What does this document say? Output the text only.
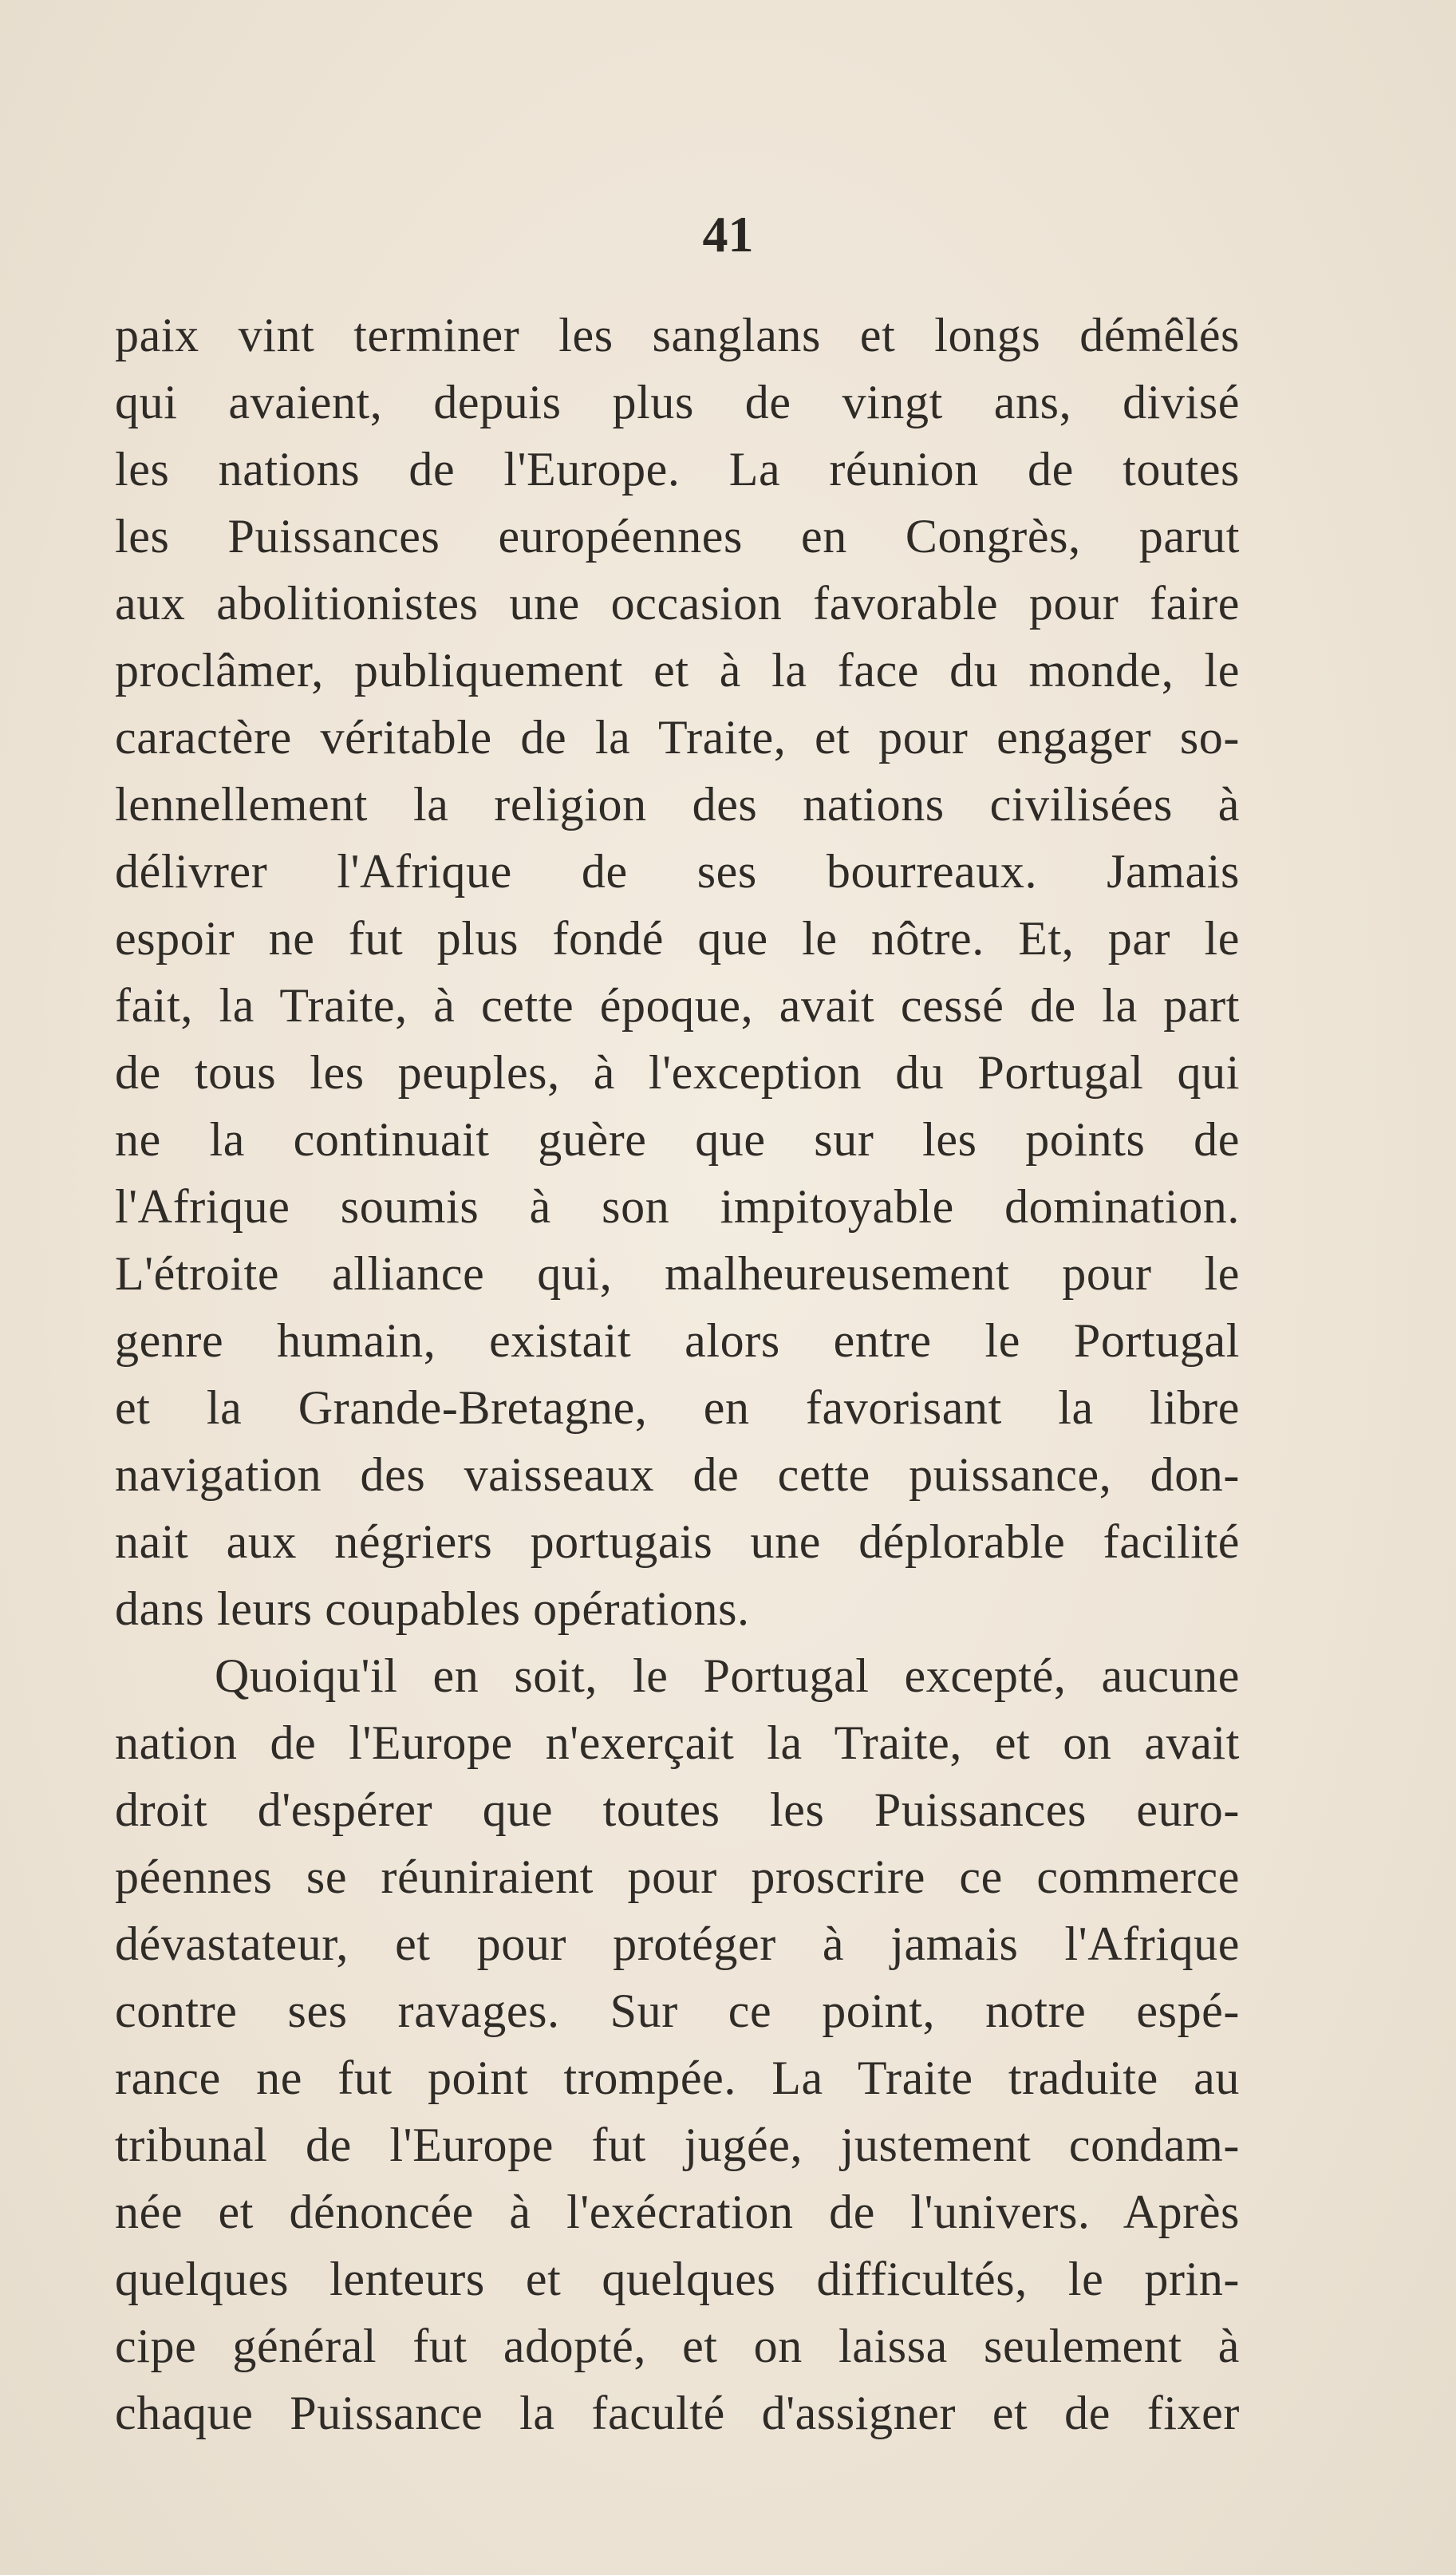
41
paix vint terminer les sanglans et longs démêlés
qui avaient, depuis plus de vingt ans, divisé
les nations de l'Europe. La réunion de toutes
les Puissances européennes en Congrès, parut
aux abolitionistes une occasion favorable pour faire
proclâmer, publiquement et à la face du monde, le
caractère véritable de la Traite, et pour engager so-
lennellement la religion des nations civilisées à
délivrer l'Afrique de ses bourreaux. Jamais
espoir ne fut plus fondé que le nôtre. Et, par le
fait, la Traite, à cette époque, avait cessé de la part
de tous les peuples, à l'exception du Portugal qui
ne la continuait guère que sur les points de
l'Afrique soumis à son impitoyable domination.
L'étroite alliance qui, malheureusement pour le
genre humain, existait alors entre le Portugal
et la Grande-Bretagne, en favorisant la libre
navigation des vaisseaux de cette puissance, don-
nait aux négriers portugais une déplorable facilité
dans leurs coupables opérations.
Quoiqu'il en soit, le Portugal excepté, aucune
nation de l'Europe n'exerçait la Traite, et on avait
droit d'espérer que toutes les Puissances euro-
péennes se réuniraient pour proscrire ce commerce
dévastateur, et pour protéger à jamais l'Afrique
contre ses ravages. Sur ce point, notre espé-
rance ne fut point trompée. La Traite traduite au
tribunal de l'Europe fut jugée, justement condam-
née et dénoncée à l'exécration de l'univers. Après
quelques lenteurs et quelques difficultés, le prin-
cipe général fut adopté, et on laissa seulement à
chaque Puissance la faculté d'assigner et de fixer
